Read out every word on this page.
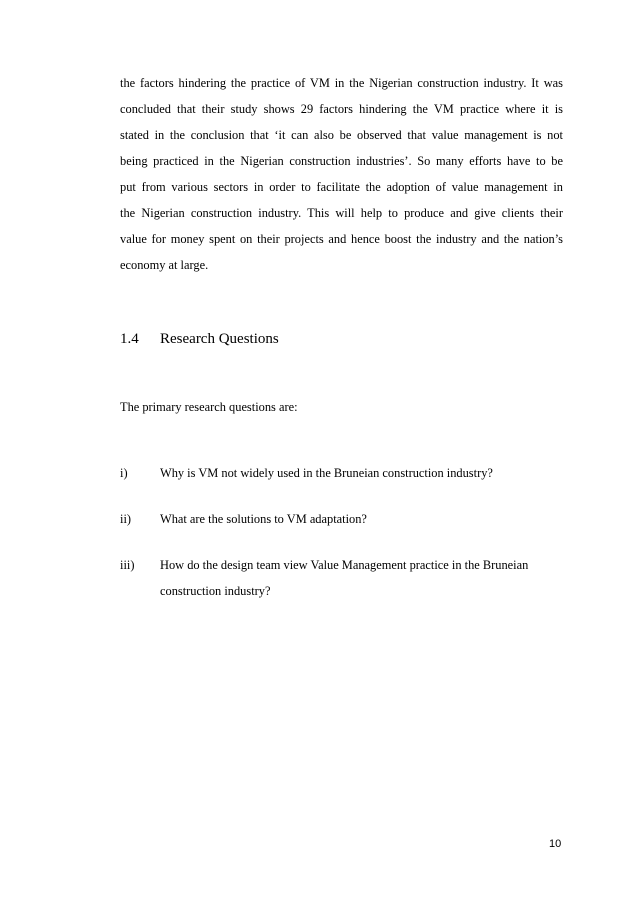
the factors hindering the practice of VM in the Nigerian construction industry. It was
concluded that their study shows 29 factors hindering the VM practice where it is
stated in the conclusion that ‘it can also be observed that value management is not
being practiced in the Nigerian construction industries’. So many efforts have to be
put from various sectors in order to facilitate the adoption of value management in
the Nigerian construction industry. This will help to produce and give clients their
value for money spent on their projects and hence boost the industry and the nation’s
economy at large.
1.4 Research Questions
The primary research questions are:
i)	Why is VM not widely used in the Bruneian construction industry?
ii)	What are the solutions to VM adaptation?
iii)	How do the design team view Value Management practice in the Bruneian
construction industry?
10
